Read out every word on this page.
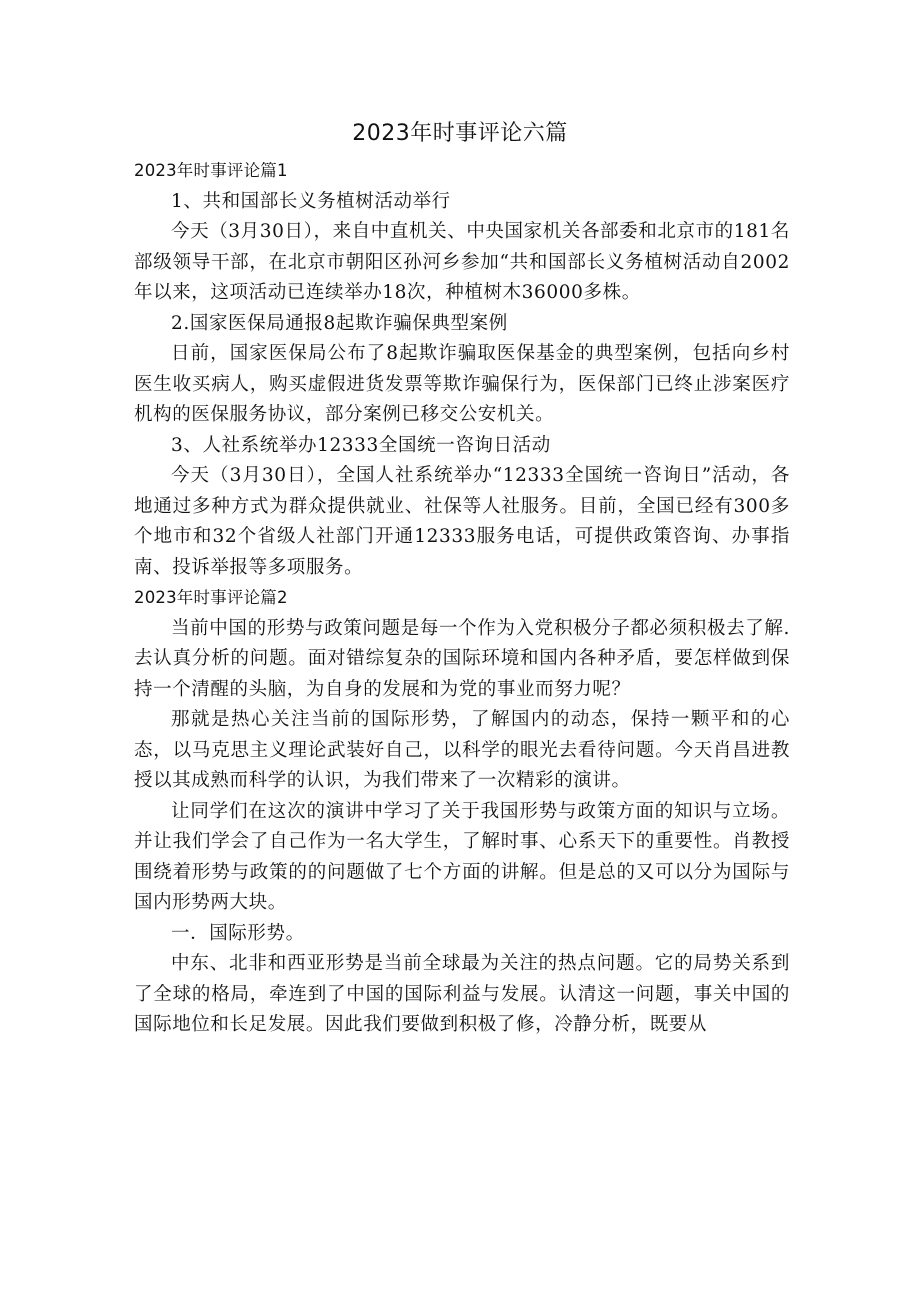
2023年时事评论六篇

2023年时事评论篇1

1、共和国部长义务植树活动举行

今天（3月30日），来自中直机关、中央国家机关各部委和北京市的181名部级领导干部，在北京市朝阳区孙河乡参加“共和国部长义务植树活动自2002年以来，这项活动已连续举办18次，种植树木36000多株。

2.国家医保局通报8起欺诈骗保典型案例

日前，国家医保局公布了8起欺诈骗取医保基金的典型案例，包括向乡村医生收买病人，购买虚假进货发票等欺诈骗保行为，医保部门已终止涉案医疗机构的医保服务协议，部分案例已移交公安机关。

3、人社系统举办12333全国统一咨询日活动

今天（3月30日），全国人社系统举办“12333全国统一咨询日”活动，各地通过多种方式为群众提供就业、社保等人社服务。目前，全国已经有300多个地市和32个省级人社部门开通12333服务电话，可提供政策咨询、办事指南、投诉举报等多项服务。

2023年时事评论篇2

当前中国的形势与政策问题是每一个作为入党积极分子都必须积极去了解.去认真分析的问题。面对错综复杂的国际环境和国内各种矛盾，要怎样做到保持一个清醒的头脑，为自身的发展和为党的事业而努力呢？

那就是热心关注当前的国际形势，了解国内的动态，保持一颗平和的心态，以马克思主义理论武装好自己，以科学的眼光去看待问题。今天肖昌进教授以其成熟而科学的认识，为我们带来了一次精彩的演讲。

让同学们在这次的演讲中学习了关于我国形势与政策方面的知识与立场。并让我们学会了自己作为一名大学生，了解时事、心系天下的重要性。肖教授围绕着形势与政策的的问题做了七个方面的讲解。但是总的又可以分为国际与国内形势两大块。

一．国际形势。

中东、北非和西亚形势是当前全球最为关注的热点问题。它的局势关系到了全球的格局，牵连到了中国的国际利益与发展。认清这一问题，事关中国的国际地位和长足发展。因此我们要做到积极了修，冷静分析，既要从
